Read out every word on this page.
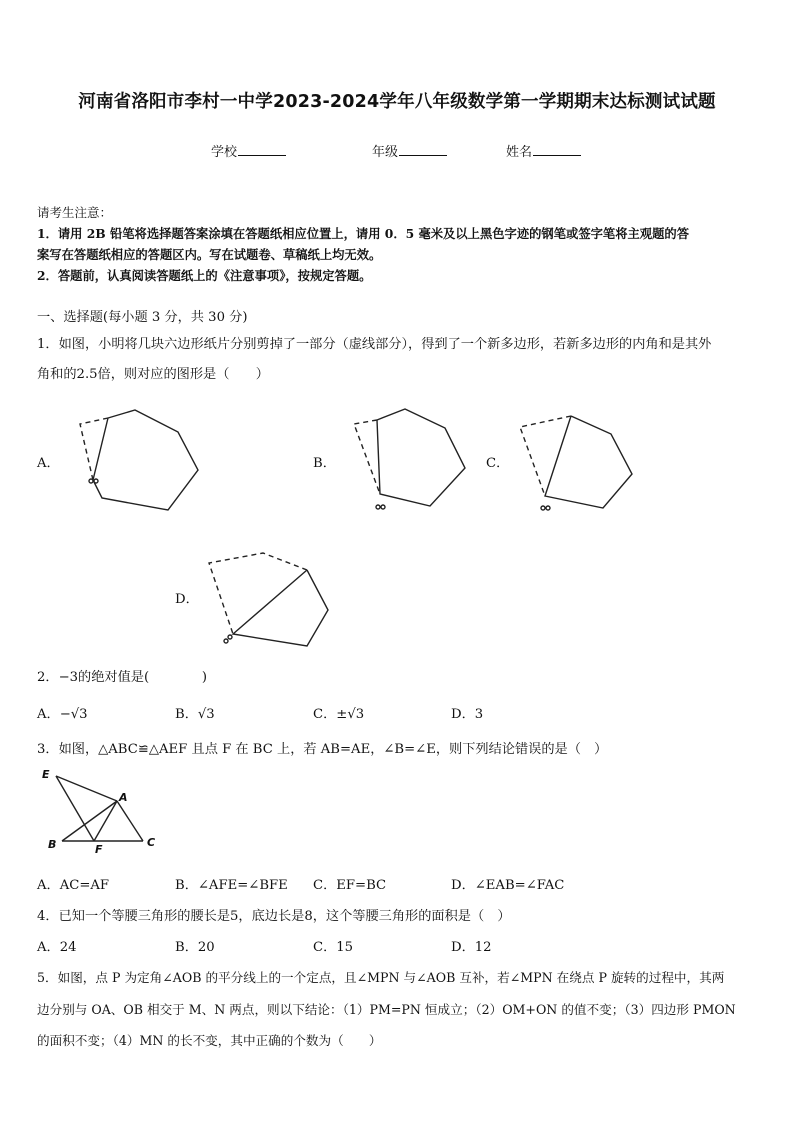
河南省洛阳市李村一中学2023-2024学年八年级数学第一学期期末达标测试试题
学校	年级	姓名
请考生注意：
1．请用 2B 铅笔将选择题答案涂填在答题纸相应位置上，请用 0．5 毫米及以上黑色字迹的钢笔或签字笔将主观题的答
案写在答题纸相应的答题区内。写在试题卷、草稿纸上均无效。
2．答题前，认真阅读答题纸上的《注意事项》，按规定答题。
一、选择题(每小题 3 分，共 30 分)
1．如图，小明将几块六边形纸片分别剪掉了一部分（虚线部分），得到了一个新多边形，若新多边形的内角和是其外
角和的2.5倍，则对应的图形是（　　）
A．	B．	C．
D．
2．−3的绝对值是(　　　　)
A．−√3	B．√3	C．±√3	D．3
3．如图，△ABC≌△AEF 且点 F 在 BC 上，若 AB=AE，∠B=∠E，则下列结论错误的是（　）
E
A
B	F
C
A．AC=AF	B．∠AFE=∠BFE C．EF=BC	D．∠EAB=∠FAC
4．已知一个等腰三角形的腰长是5，底边长是8，这个等腰三角形的面积是（　）
A．24	B．20	C．15	D．12
5．如图，点 P 为定角∠AOB 的平分线上的一个定点，且∠MPN 与∠AOB 互补，若∠MPN 在绕点 P 旋转的过程中，其两
边分别与 OA、OB 相交于 M、N 两点，则以下结论：（1）PM=PN 恒成立；（2）OM+ON 的值不变；（3）四边形 PMON
的面积不变；（4）MN 的长不变，其中正确的个数为（　　）
